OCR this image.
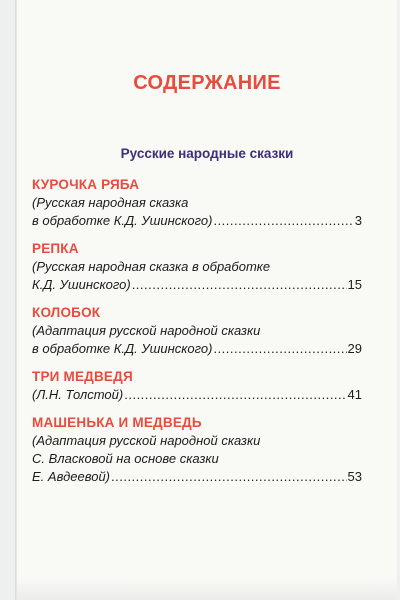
СОДЕРЖАНИЕ
Русские народные сказки
КУРОЧКА РЯБА
(Русская народная сказка
в обработке К.Д. Ушинского) .....	3
РЕПКА
(Русская народная сказка в обработке
К.Д. Ушинского) .....	15
КОЛОБОК
(Адаптация русской народной сказки
в обработке К.Д. Ушинского) .....	29
ТРИ МЕДВЕДЯ
(Л.Н. Толстой) .....	41
МАШЕНЬКА И МЕДВЕДЬ
(Адаптация русской народной сказки
С. Власковой на основе сказки
Е. Авдеевой) .....	53
